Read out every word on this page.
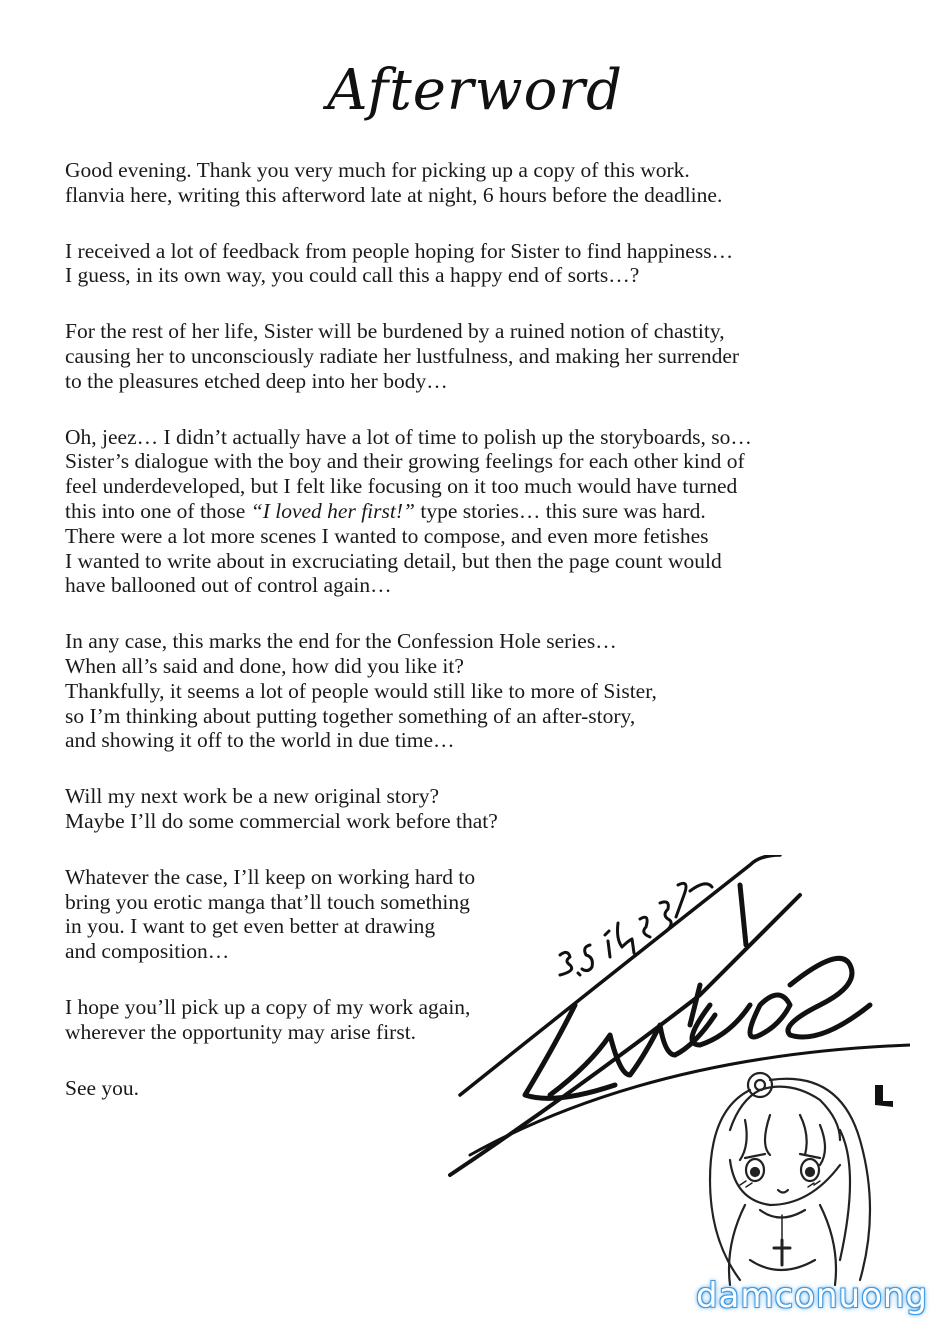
Afterword

Good evening. Thank you very much for picking up a copy of this work.
flanvia here, writing this afterword late at night, 6 hours before the deadline.

I received a lot of feedback from people hoping for Sister to find happiness…
I guess, in its own way, you could call this a happy end of sorts…?

For the rest of her life, Sister will be burdened by a ruined notion of chastity,
causing her to unconsciously radiate her lustfulness, and making her surrender
to the pleasures etched deep into her body…

Oh, jeez… I didn’t actually have a lot of time to polish up the storyboards, so…
Sister’s dialogue with the boy and their growing feelings for each other kind of
feel underdeveloped, but I felt like focusing on it too much would have turned
this into one of those “I loved her first!” type stories… this sure was hard.
There were a lot more scenes I wanted to compose, and even more fetishes
I wanted to write about in excruciating detail, but then the page count would
have ballooned out of control again…

In any case, this marks the end for the Confession Hole series…
When all’s said and done, how did you like it?
Thankfully, it seems a lot of people would still like to more of Sister,
so I’m thinking about putting together something of an after-story,
and showing it off to the world in due time…

Will my next work be a new original story?
Maybe I’ll do some commercial work before that?

Whatever the case, I’ll keep on working hard to
bring you erotic manga that’ll touch something
in you. I want to get even better at drawing
and composition…

I hope you’ll pick up a copy of my work again,
wherever the opportunity may arise first.

See you.

damconuong
